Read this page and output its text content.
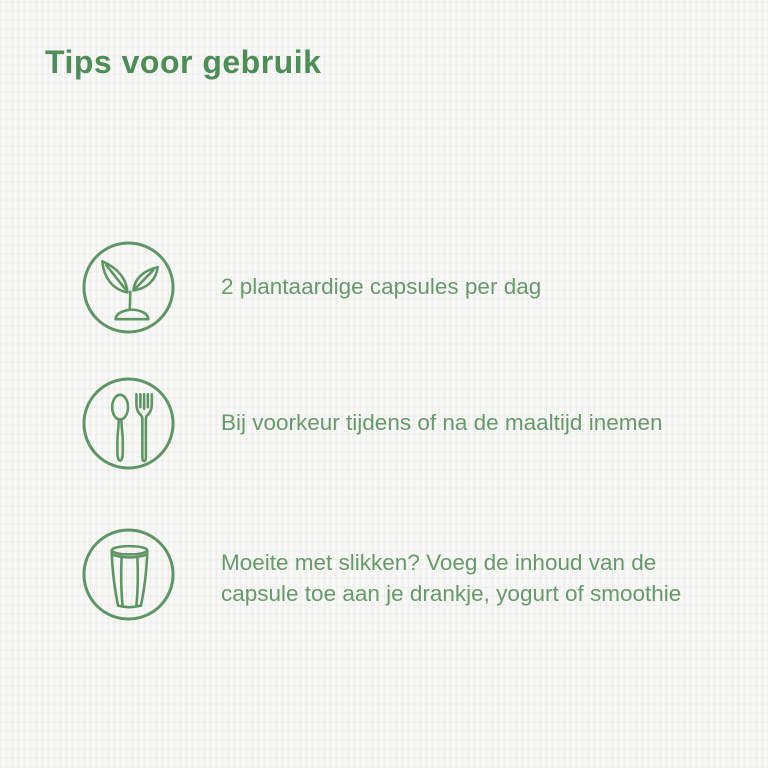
Tips voor gebruik

2 plantaardige capsules per dag

Bij voorkeur tijdens of na de maaltijd inemen

Moeite met slikken? Voeg de inhoud van de capsule toe aan je drankje, yogurt of smoothie
